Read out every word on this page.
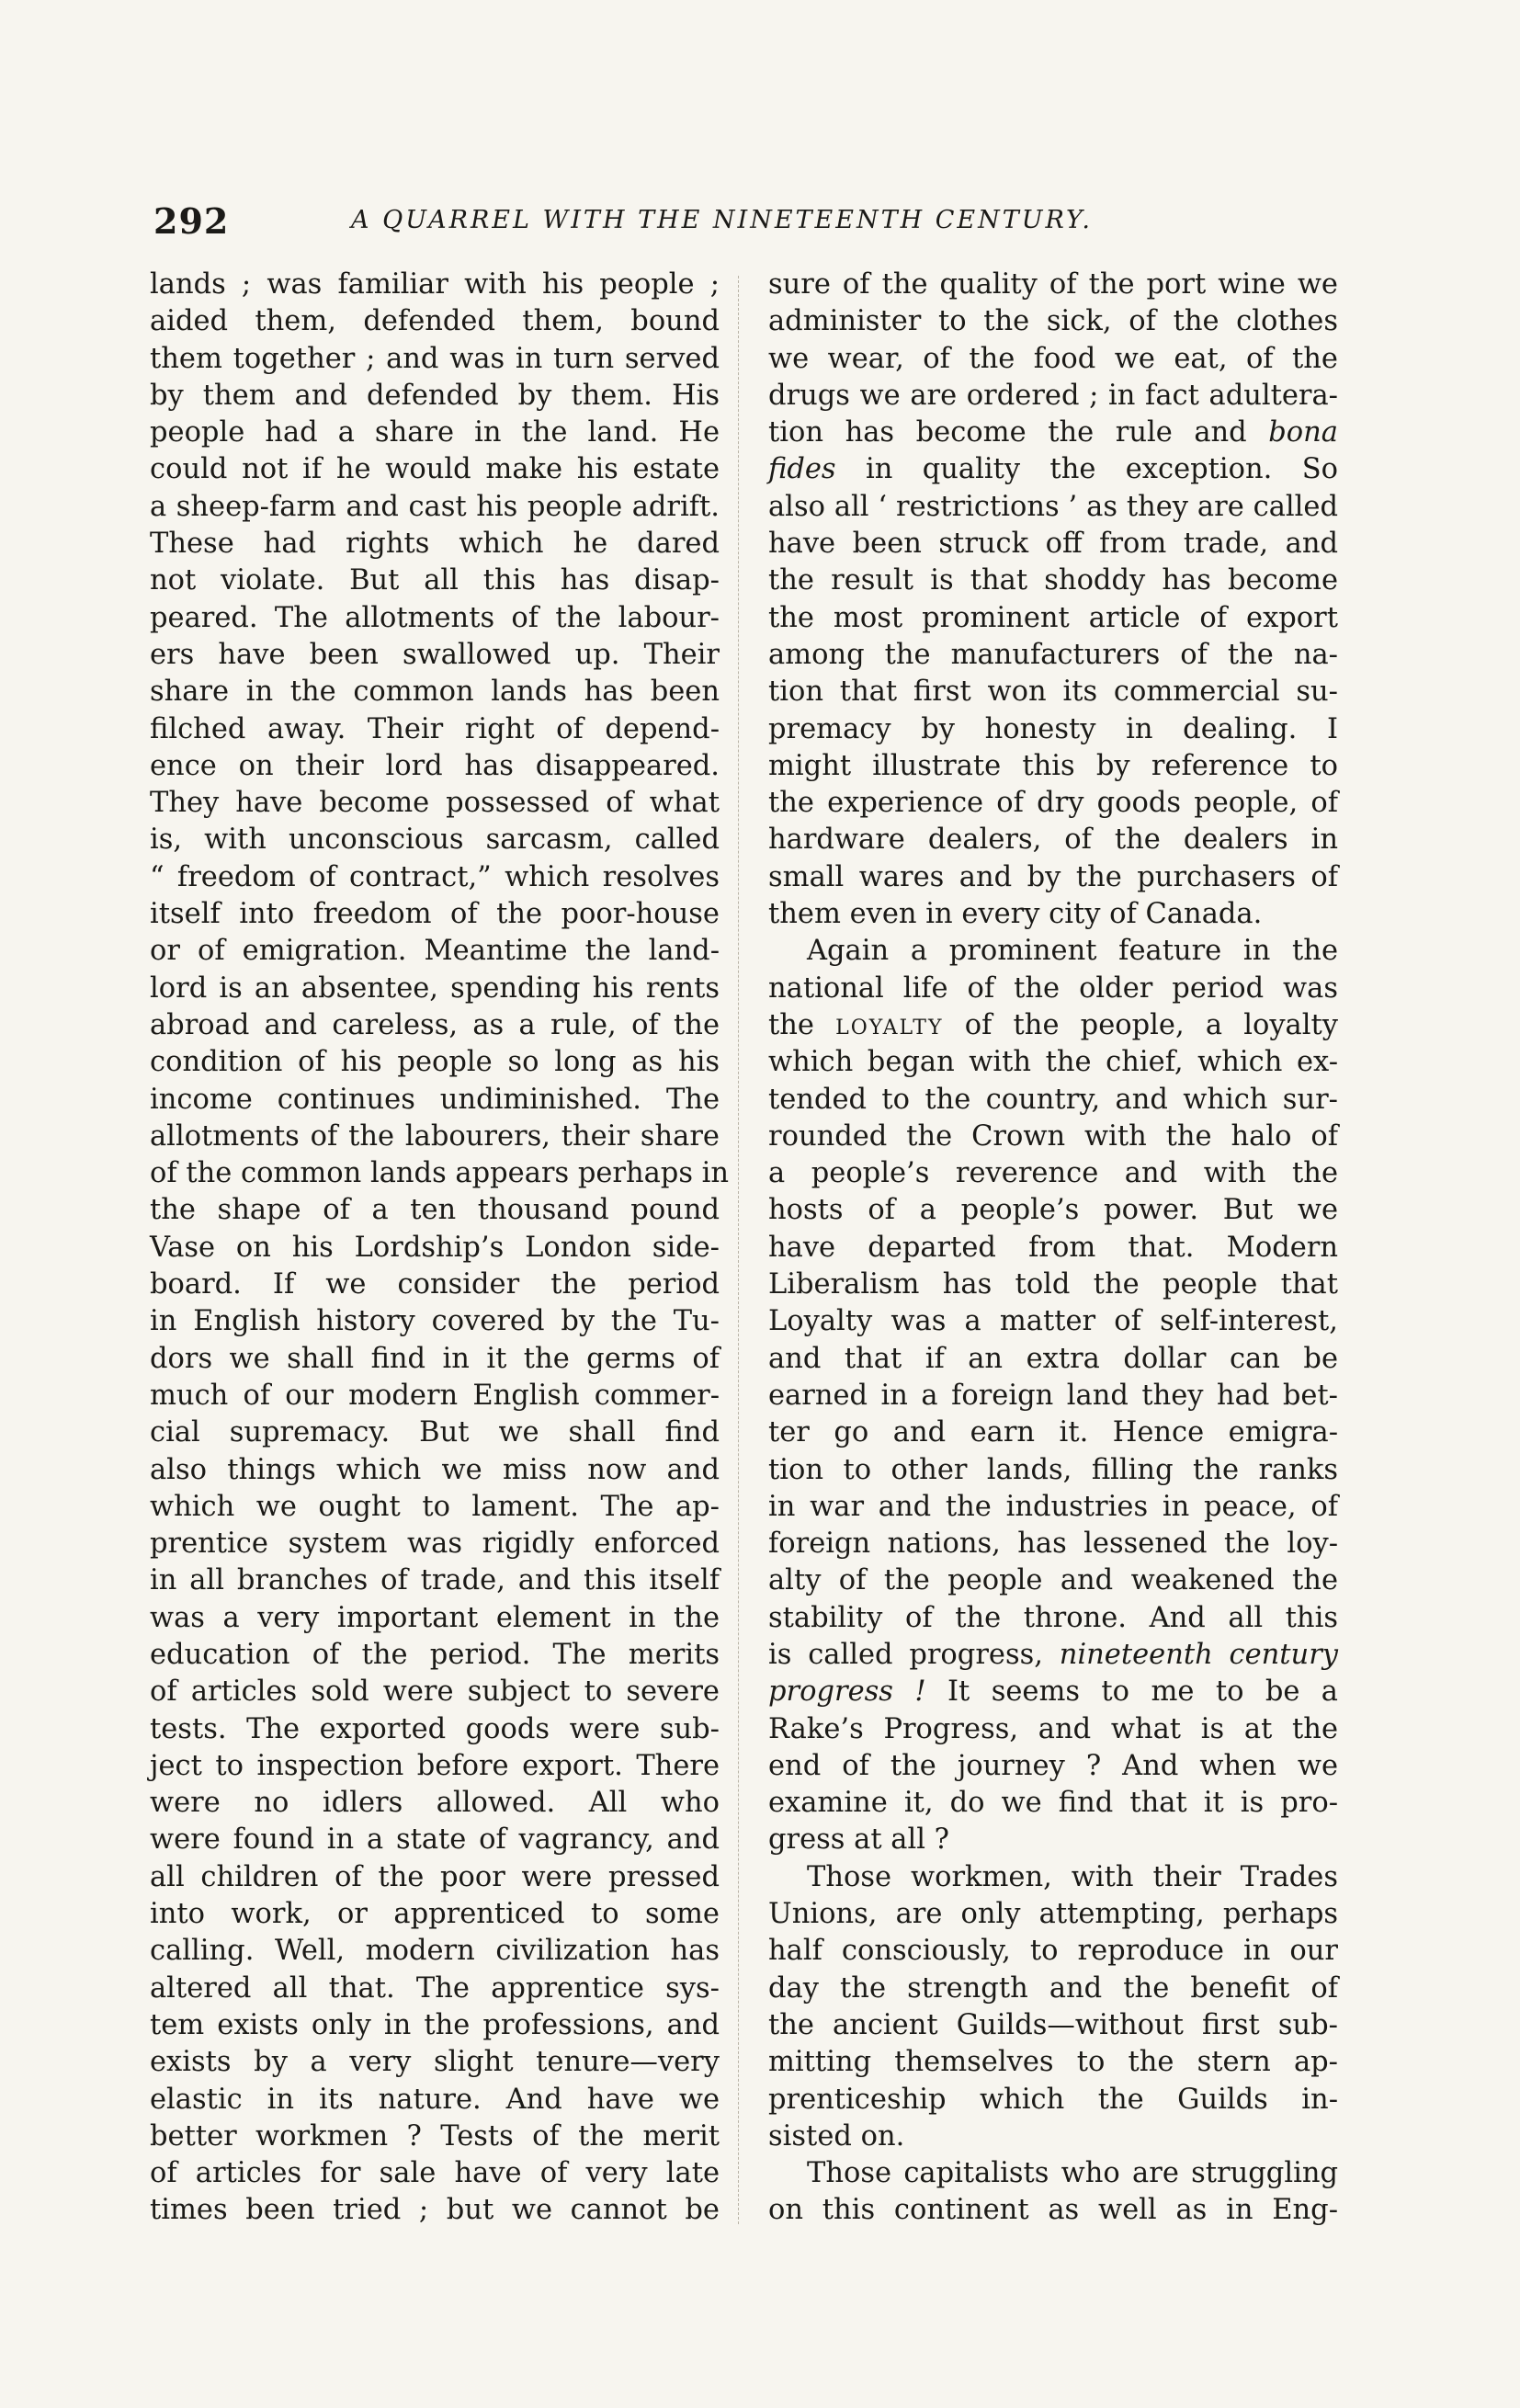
292	A QUARREL WITH THE NINETEENTH CENTURY.

lands ; was familiar with his people ;
aided them, defended them, bound
them together ; and was in turn served
by them and defended by them. His
people had a share in the land. He
could not if he would make his estate
a sheep-farm and cast his people adrift.
These had rights which he dared
not violate. But all this has disap-
peared. The allotments of the labour-
ers have been swallowed up. Their
share in the common lands has been
filched away. Their right of depend-
ence on their lord has disappeared.
They have become possessed of what
is, with unconscious sarcasm, called
“ freedom of contract,” which resolves
itself into freedom of the poor-house
or of emigration. Meantime the land-
lord is an absentee, spending his rents
abroad and careless, as a rule, of the
condition of his people so long as his
income continues undiminished. The
allotments of the labourers, their share
of the common lands appears perhaps in
the shape of a ten thousand pound
Vase on his Lordship’s London side-
board. If we consider the period
in English history covered by the Tu-
dors we shall find in it the germs of
much of our modern English commer-
cial supremacy. But we shall find
also things which we miss now and
which we ought to lament. The ap-
prentice system was rigidly enforced
in all branches of trade, and this itself
was a very important element in the
education of the period. The merits
of articles sold were subject to severe
tests. The exported goods were sub-
ject to inspection before export. There
were no idlers allowed. All who
were found in a state of vagrancy, and
all children of the poor were pressed
into work, or apprenticed to some
calling. Well, modern civilization has
altered all that. The apprentice sys-
tem exists only in the professions, and
exists by a very slight tenure—very
elastic in its nature. And have we
better workmen ? Tests of the merit
of articles for sale have of very late
times been tried ; but we cannot be

sure of the quality of the port wine we
administer to the sick, of the clothes
we wear, of the food we eat, of the
drugs we are ordered ; in fact adultera-
tion has become the rule and bona
fides in quality the exception. So
also all ‘ restrictions ’ as they are called
have been struck off from trade, and
the result is that shoddy has become
the most prominent article of export
among the manufacturers of the na-
tion that first won its commercial su-
premacy by honesty in dealing. I
might illustrate this by reference to
the experience of dry goods people, of
hardware dealers, of the dealers in
small wares and by the purchasers of
them even in every city of Canada.

Again a prominent feature in the
national life of the older period was
the LOYALTY of the people, a loyalty
which began with the chief, which ex-
tended to the country, and which sur-
rounded the Crown with the halo of
a people’s reverence and with the
hosts of a people’s power. But we
have departed from that. Modern
Liberalism has told the people that
Loyalty was a matter of self-interest,
and that if an extra dollar can be
earned in a foreign land they had bet-
ter go and earn it. Hence emigra-
tion to other lands, filling the ranks
in war and the industries in peace, of
foreign nations, has lessened the loy-
alty of the people and weakened the
stability of the throne. And all this
is called progress, nineteenth century
progress ! It seems to me to be a
Rake’s Progress, and what is at the
end of the journey ? And when we
examine it, do we find that it is pro-
gress at all ?

Those workmen, with their Trades
Unions, are only attempting, perhaps
half consciously, to reproduce in our
day the strength and the benefit of
the ancient Guilds—without first sub-
mitting themselves to the stern ap-
prenticeship which the Guilds in-
sisted on.

Those capitalists who are struggling
on this continent as well as in Eng-
